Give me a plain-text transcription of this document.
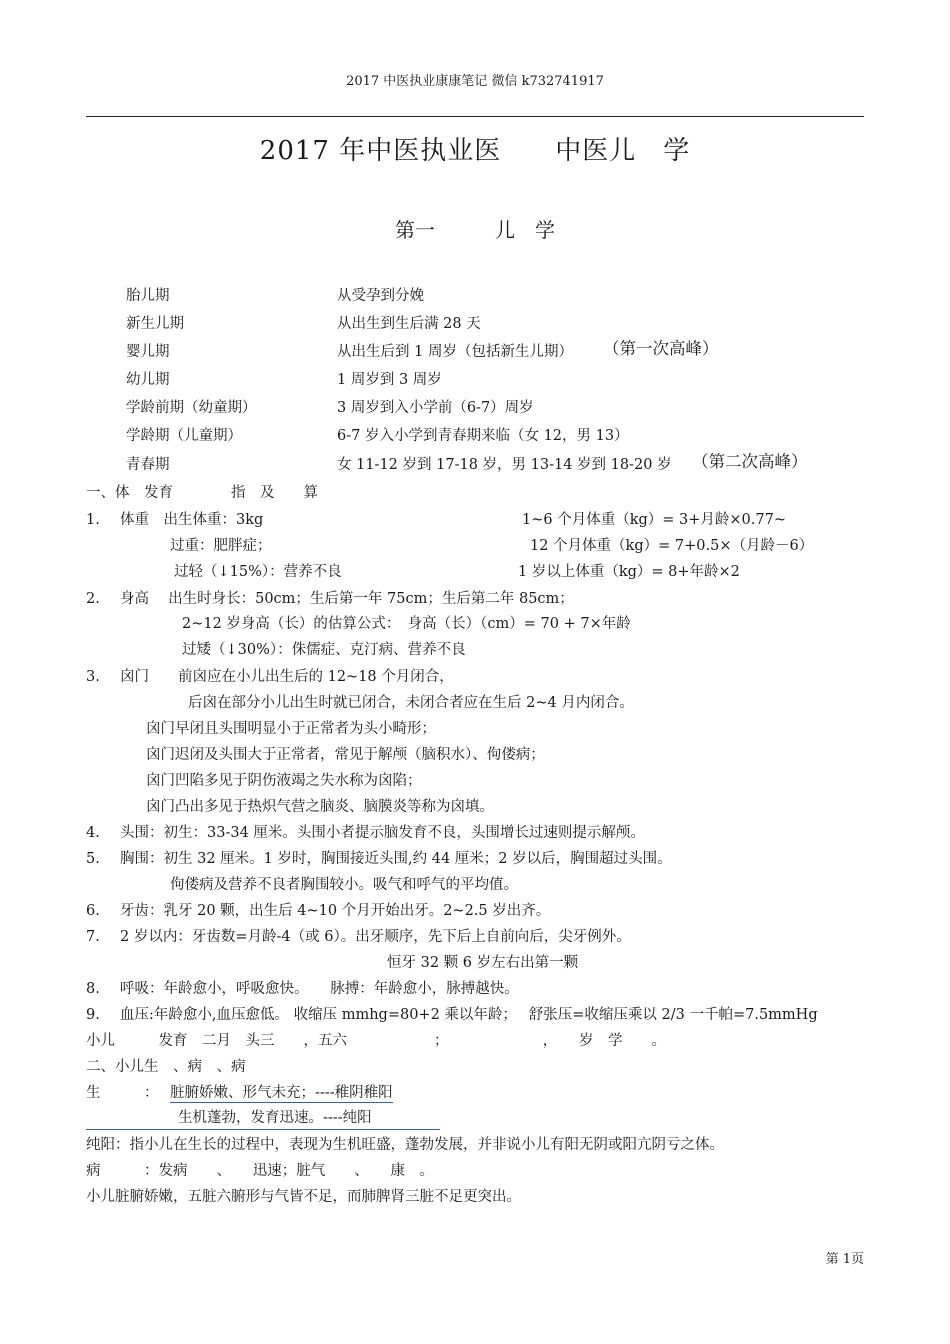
2017 中医执业康康笔记 微信 k732741917
2017 年中医执业医　　中医儿　学
第一　　　儿　学
胎儿期	从受孕到分娩
新生儿期	从出生到生后满 28 天
婴儿期	从出生后到 1 周岁（包括新生儿期） （第一次高峰）
幼儿期	1 周岁到 3 周岁
学龄前期（幼童期）	3 周岁到入小学前（6-7）周岁
学龄期（儿童期）	6-7 岁入小学到青春期来临（女 12，男 13）
青春期	女 11-12 岁到 17-18 岁，男 13-14 岁到 18-20 岁 （第二次高峰）
一、体　发育　　　　指　及　　算
1. 体重　出生体重：3kg	1~6 个月体重（kg）= 3+月龄×0.77~
过重：肥胖症；	12 个月体重（kg）= 7+0.5×（月龄－6）
过轻（↓15%）：营养不良	1 岁以上体重（kg）= 8+年龄×2
2. 身高　 出生时身长：50cm；生后第一年 75cm；生后第二年 85cm；
2~12 岁身高（长）的估算公式：　身高（长）（cm）= 70 + 7×年龄
过矮（↓30%）：侏儒症、克汀病、营养不良
3. 囟门　　前囟应在小儿出生后的 12~18 个月闭合，
后囟在部分小儿出生时就已闭合，未闭合者应在生后 2~4 月内闭合。
囟门早闭且头围明显小于正常者为头小畸形；
囟门迟闭及头围大于正常者，常见于解颅（脑积水）、佝偻病；
囟门凹陷多见于阴伤液竭之失水称为囟陷；
囟门凸出多见于热炽气营之脑炎、脑膜炎等称为囟填。
4. 头围：初生：33-34 厘米。头围小者提示脑发育不良，头围增长过速则提示解颅。
5. 胸围：初生 32 厘米。1 岁时，胸围接近头围,约 44 厘米；2 岁以后，胸围超过头围。
佝偻病及营养不良者胸围较小。吸气和呼气的平均值。
6. 牙齿：乳牙 20 颗，出生后 4~10 个月开始出牙。2~2.5 岁出齐。
7. 2 岁以内：牙齿数=月龄-4（或 6）。出牙顺序，先下后上自前向后，尖牙例外。
恒牙 32 颗 6 岁左右出第一颗
8. 呼吸：年龄愈小，呼吸愈快。　　脉搏：年龄愈小，脉搏越快。
9. 血压:年龄愈小,血压愈低。 收缩压 mmhg=80+2 乘以年龄；　 舒张压=收缩压乘以 2/3 一千帕=7.5mmHg
小儿　　　发育　二月　头三　　，五六　　　　　　；　　　　　　　，　　岁　学　　。
二、小儿生　、病　、病
生　　　： 脏腑娇嫩、形气未充；----稚阴稚阳
生机蓬勃，发育迅速。----纯阳
纯阳：指小儿在生长的过程中，表现为生机旺盛，蓬勃发展，并非说小儿有阳无阴或阳亢阴亏之体。
病　　　：发病　　、　　迅速；脏气　　、　　康　。
小儿脏腑娇嫩，五脏六腑形与气皆不足，而肺脾肾三脏不足更突出。
第 1页
